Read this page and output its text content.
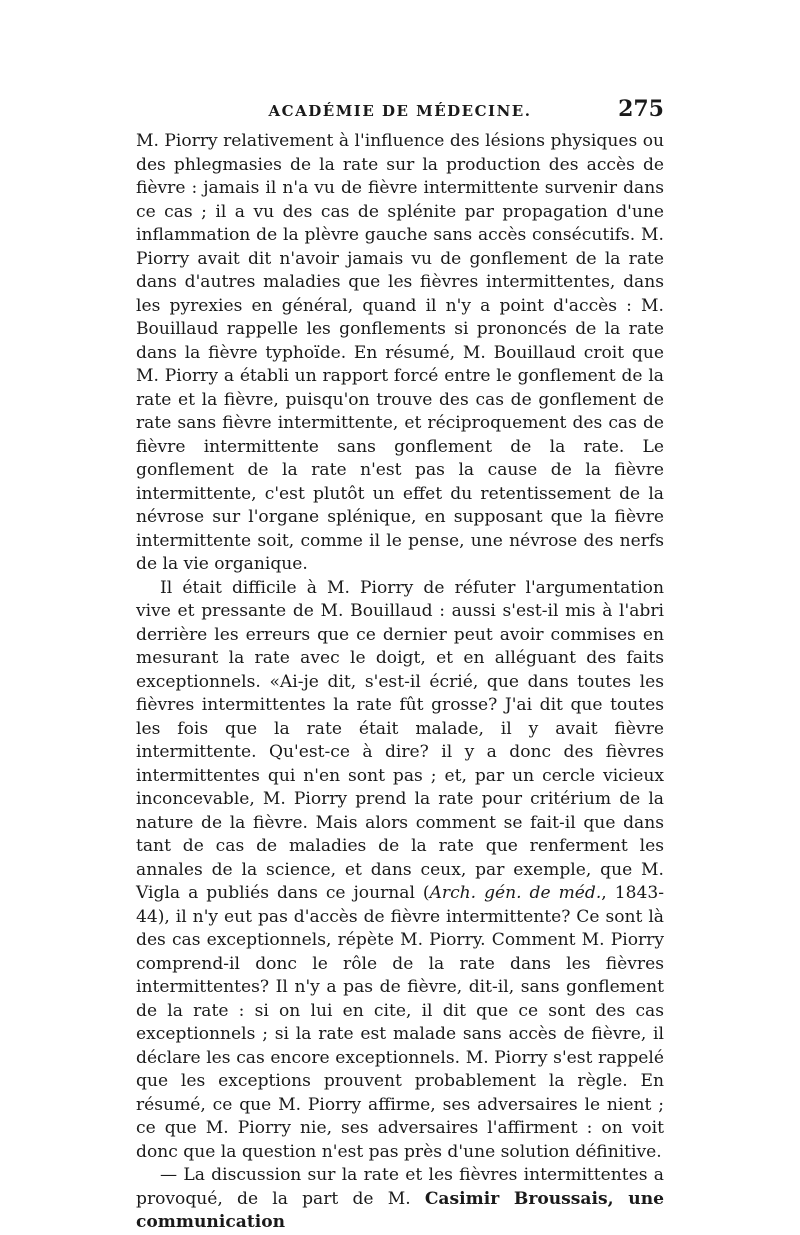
ACADÉMIE DE MÉDECINE.	275

M. Piorry relativement à l'influence des lésions physiques ou des phlegmasies de la rate sur la production des accès de fièvre : jamais il n'a vu de fièvre intermittente survenir dans ce cas ; il a vu des cas de splénite par propagation d'une inflammation de la plèvre gauche sans accès consécutifs. M. Piorry avait dit n'avoir jamais vu de gonflement de la rate dans d'autres maladies que les fièvres intermittentes, dans les pyrexies en général, quand il n'y a point d'accès : M. Bouillaud rappelle les gonflements si prononcés de la rate dans la fièvre typhoïde. En résumé, M. Bouillaud croit que M. Piorry a établi un rapport forcé entre le gonflement de la rate et la fièvre, puisqu'on trouve des cas de gonflement de rate sans fièvre intermittente, et réciproquement des cas de fièvre intermittente sans gonflement de la rate. Le gonflement de la rate n'est pas la cause de la fièvre intermittente, c'est plutôt un effet du retentissement de la névrose sur l'organe splénique, en supposant que la fièvre intermittente soit, comme il le pense, une névrose des nerfs de la vie organique.

Il était difficile à M. Piorry de réfuter l'argumentation vive et pressante de M. Bouillaud : aussi s'est-il mis à l'abri derrière les erreurs que ce dernier peut avoir commises en mesurant la rate avec le doigt, et en alléguant des faits exceptionnels. «Ai-je dit, s'est-il écrié, que dans toutes les fièvres intermittentes la rate fût grosse? J'ai dit que toutes les fois que la rate était malade, il y avait fièvre intermittente. Qu'est-ce à dire? il y a donc des fièvres intermittentes qui n'en sont pas ; et, par un cercle vicieux inconcevable, M. Piorry prend la rate pour critérium de la nature de la fièvre. Mais alors comment se fait-il que dans tant de cas de maladies de la rate que renferment les annales de la science, et dans ceux, par exemple, que M. Vigla a publiés dans ce journal (Arch. gén. de méd., 1843-44), il n'y eut pas d'accès de fièvre intermittente? Ce sont là des cas exceptionnels, répète M. Piorry. Comment M. Piorry comprend-il donc le rôle de la rate dans les fièvres intermittentes? Il n'y a pas de fièvre, dit-il, sans gonflement de la rate : si on lui en cite, il dit que ce sont des cas exceptionnels ; si la rate est malade sans accès de fièvre, il déclare les cas encore exceptionnels. M. Piorry s'est rappelé que les exceptions prouvent probablement la règle. En résumé, ce que M. Piorry affirme, ses adversaires le nient ; ce que M. Piorry nie, ses adversaires l'affirment : on voit donc que la question n'est pas près d'une solution définitive.

— La discussion sur la rate et les fièvres intermittentes a provoqué, de la part de M. Casimir Broussais, une communication
